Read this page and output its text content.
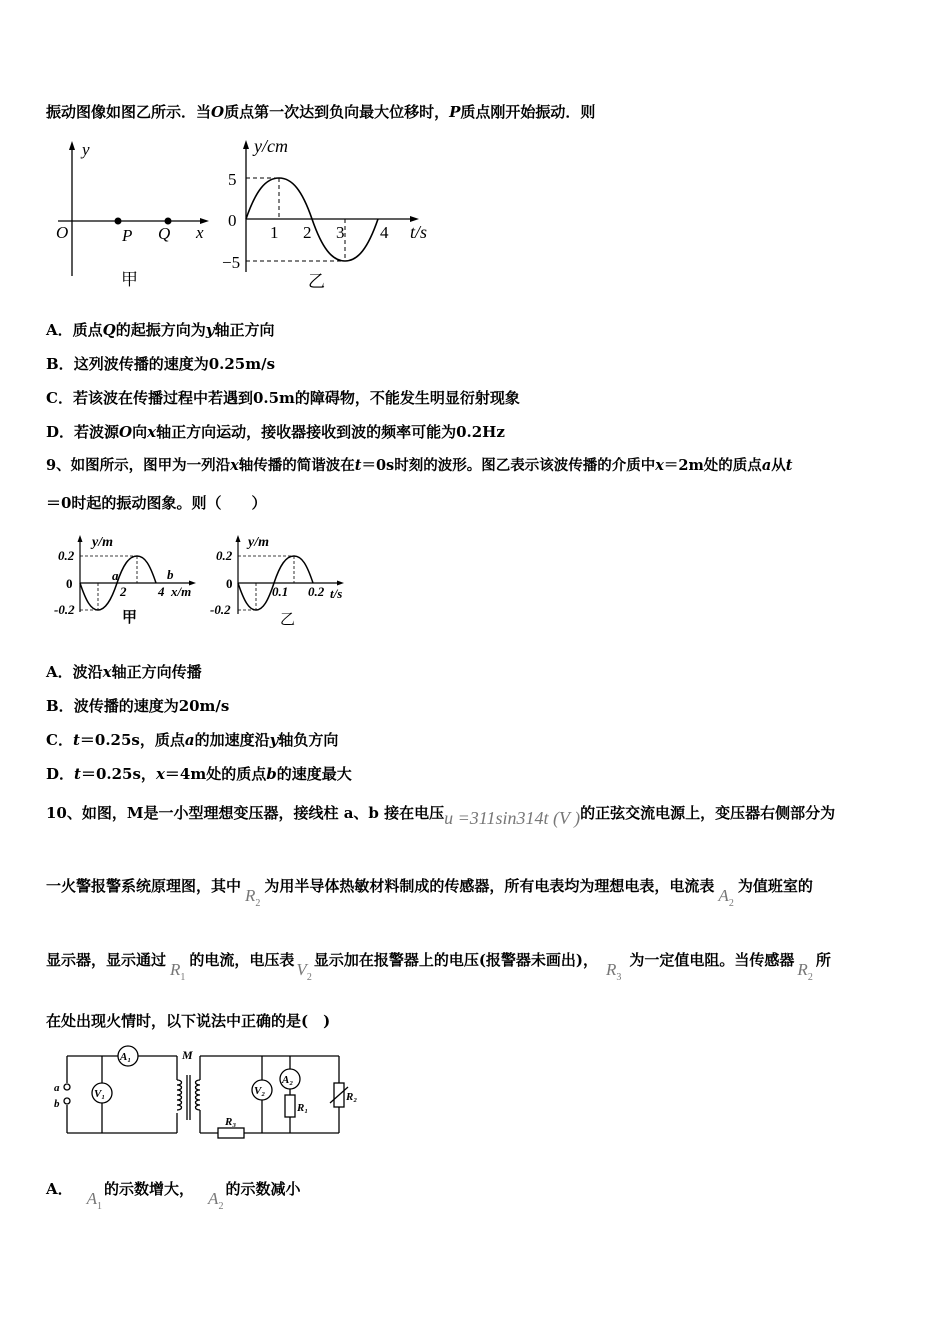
振动图像如图乙所示．当O质点第一次达到负向最大位移时，P质点刚开始振动．则
y
O	P Q x
甲
y/cm
5
0
−5
1 2 3 4 t/s
乙
A．质点Q的起振方向为y轴正方向
B．这列波传播的速度为0.25m/s
C．若该波在传播过程中若遇到0.5m的障碍物，不能发生明显衍射现象
D．若波源O向x轴正方向运动，接收器接收到波的频率可能为0.2Hz
9、如图所示，图甲为一列沿x轴传播的简谐波在t＝0s时刻的波形。图乙表示该波传播的介质中x＝2m处的质点a从t
＝0时起的振动图象。则（　　）
y/m
0.2
0
-0.2
a	b
2 4 x/m
甲
y/m
0.2
0
-0.2
0.1 0.2 t/s
乙
A．波沿x轴正方向传播
B．波传播的速度为20m/s
C．t＝0.25s，质点a的加速度沿y轴负方向
D．t＝0.25s，x＝4m处的质点b的速度最大
10、如图，M是一小型理想变压器，接线柱 a、b 接在电压u =311sin314t (V )的正弦交流电源上，变压器右侧部分为
一火警报警系统原理图，其中 $R_2$为用半导体热敏材料制成的传感器，所有电表均为理想电表，电流表 $A_2$为值班室的
显示器，显示通过 $R_1$的电流，电压表 $V_2$显示加在报警器上的电压(报警器未画出)， $R_3$为一定值电阻。当传感器 $R_2$所
在处出现火情时，以下说法中正确的是(　)
A₁
V₁
M
V₂
A₂
R₁
R₂
R₃
a
b
A． $A_1$的示数增大， $A_2$的示数减小
